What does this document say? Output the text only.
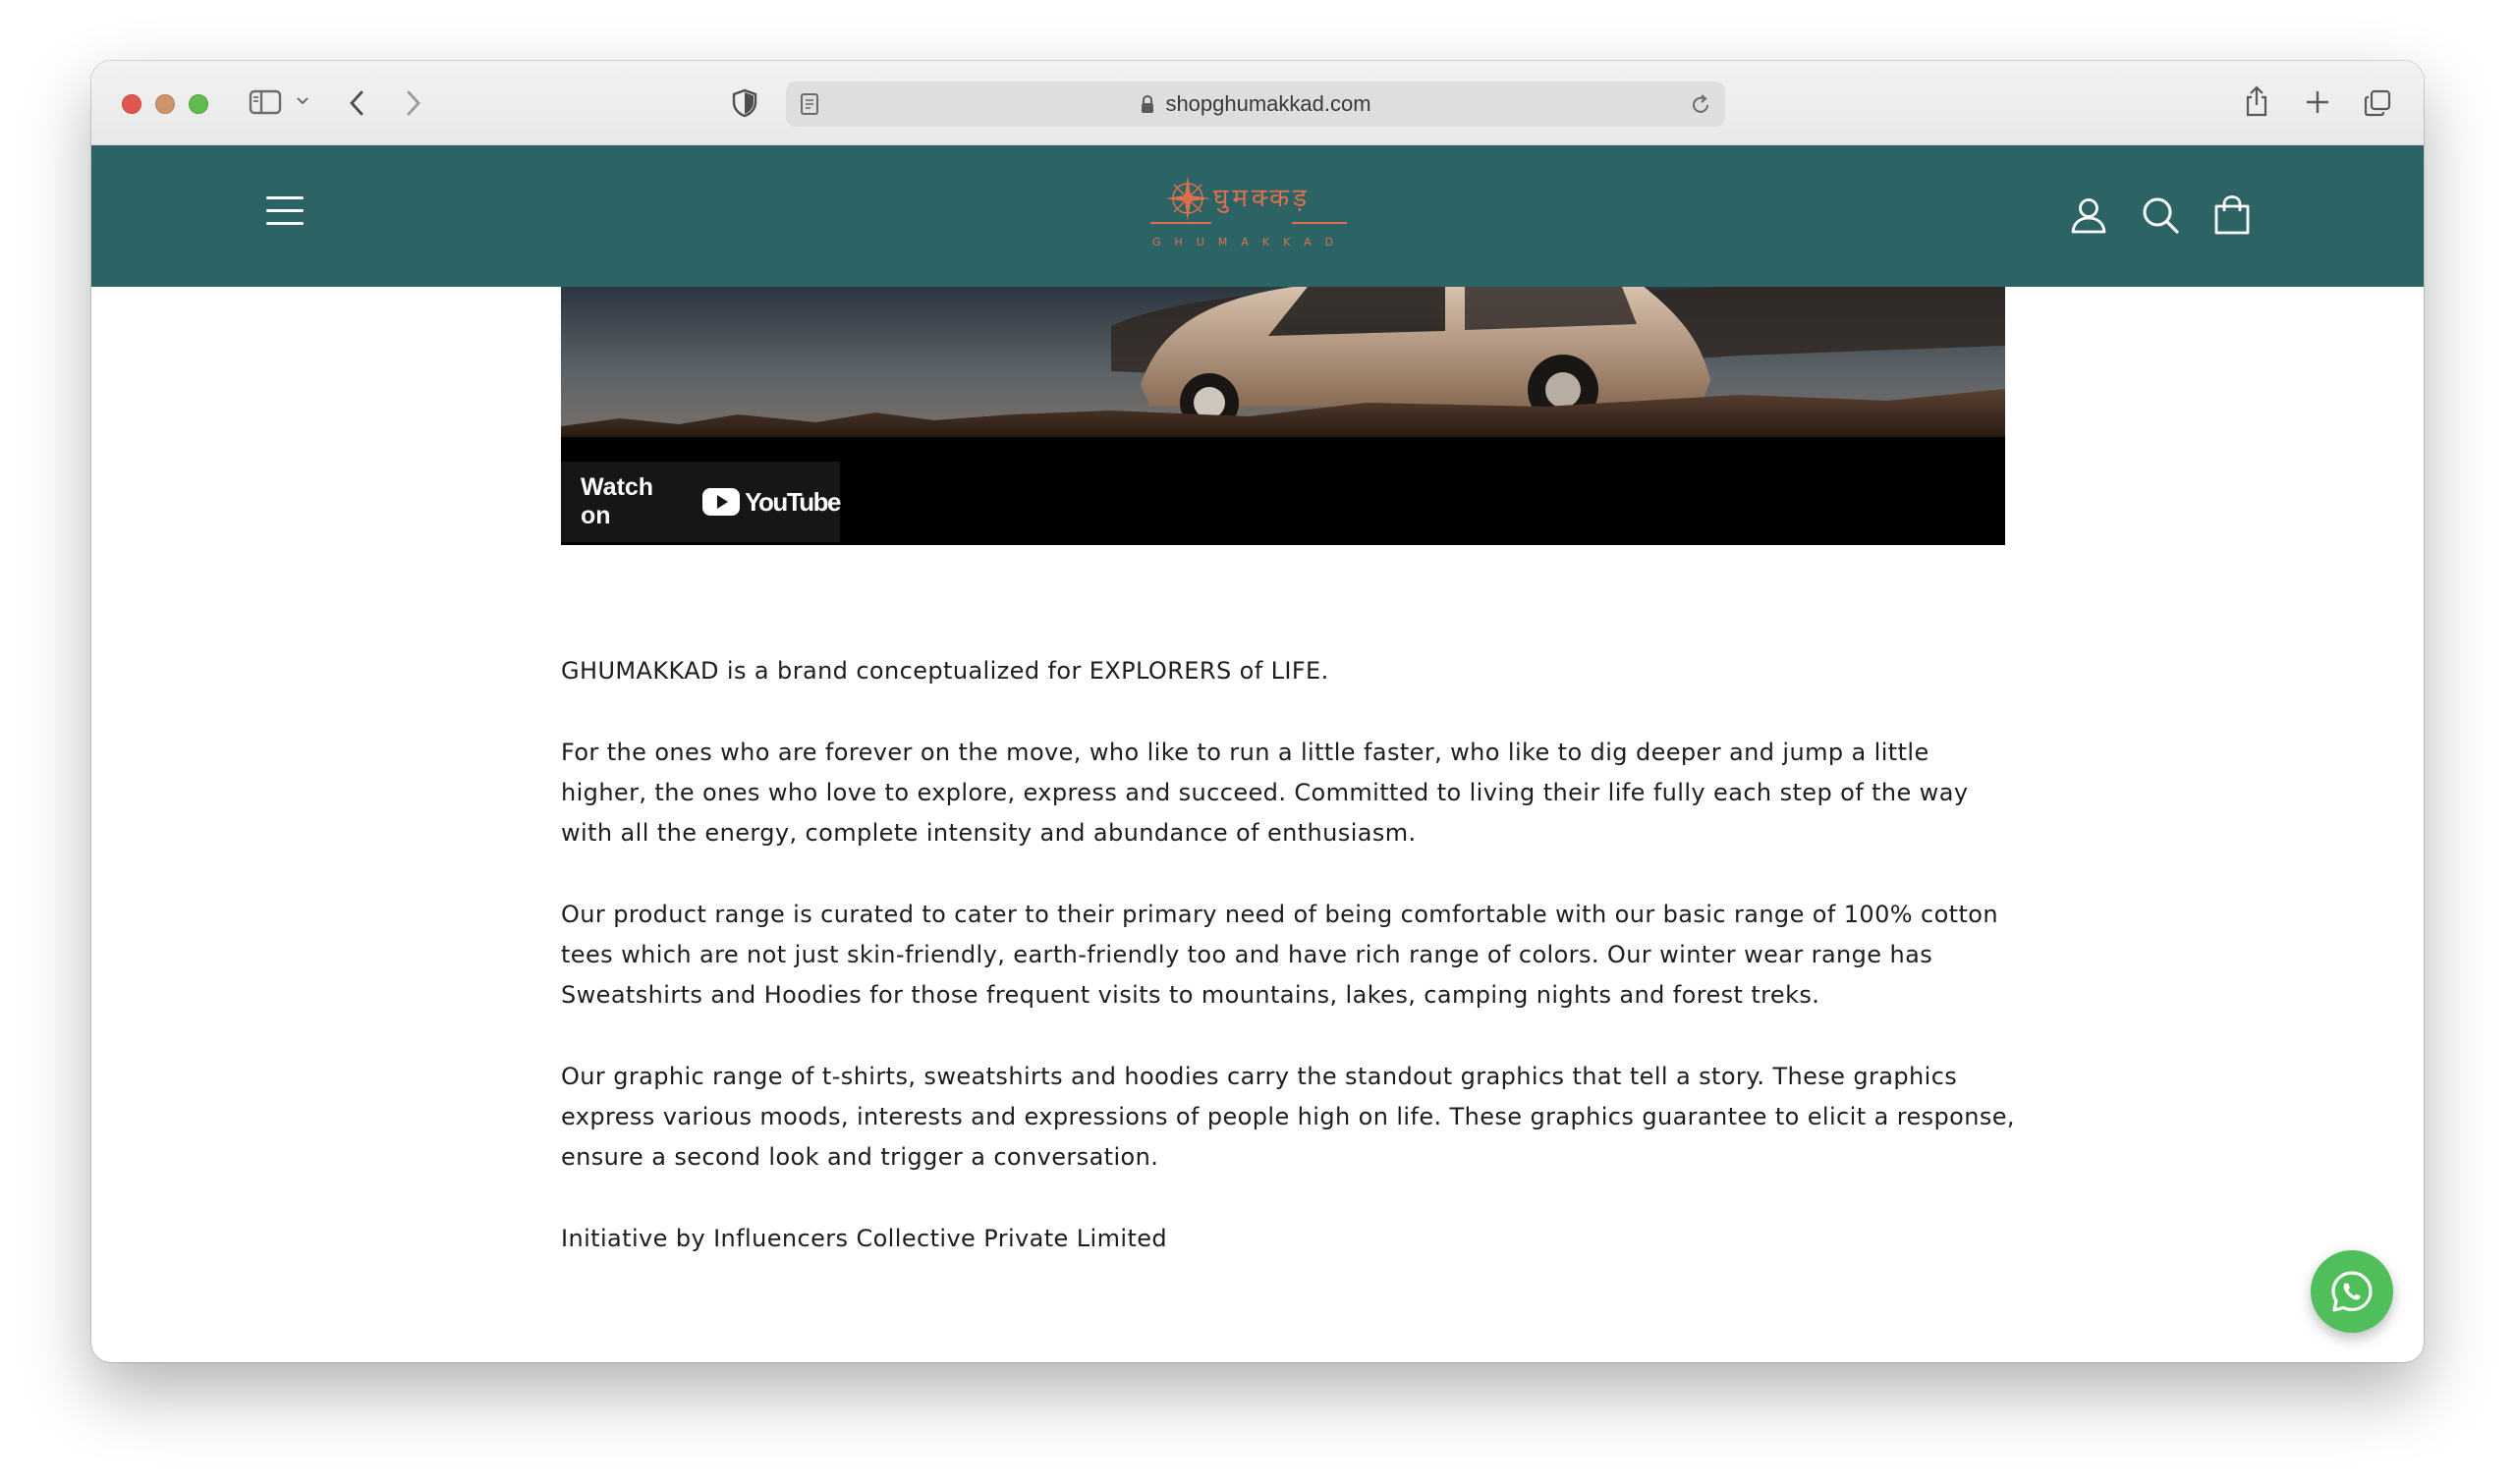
shopghumakkad.com
घुमक्कड़
GHUMAKKAD
Watch on	YouTube

GHUMAKKAD is a brand conceptualized for EXPLORERS of LIFE.

For the ones who are forever on the move, who like to run a little faster, who like to dig deeper and jump a little higher, the ones who love to explore, express and succeed. Committed to living their life fully each step of the way with all the energy, complete intensity and abundance of enthusiasm.

Our product range is curated to cater to their primary need of being comfortable with our basic range of 100% cotton tees which are not just skin-friendly, earth-friendly too and have rich range of colors. Our winter wear range has Sweatshirts and Hoodies for those frequent visits to mountains, lakes, camping nights and forest treks.

Our graphic range of t-shirts, sweatshirts and hoodies carry the standout graphics that tell a story. These graphics express various moods, interests and expressions of people high on life. These graphics guarantee to elicit a response, ensure a second look and trigger a conversation.

Initiative by Influencers Collective Private Limited
